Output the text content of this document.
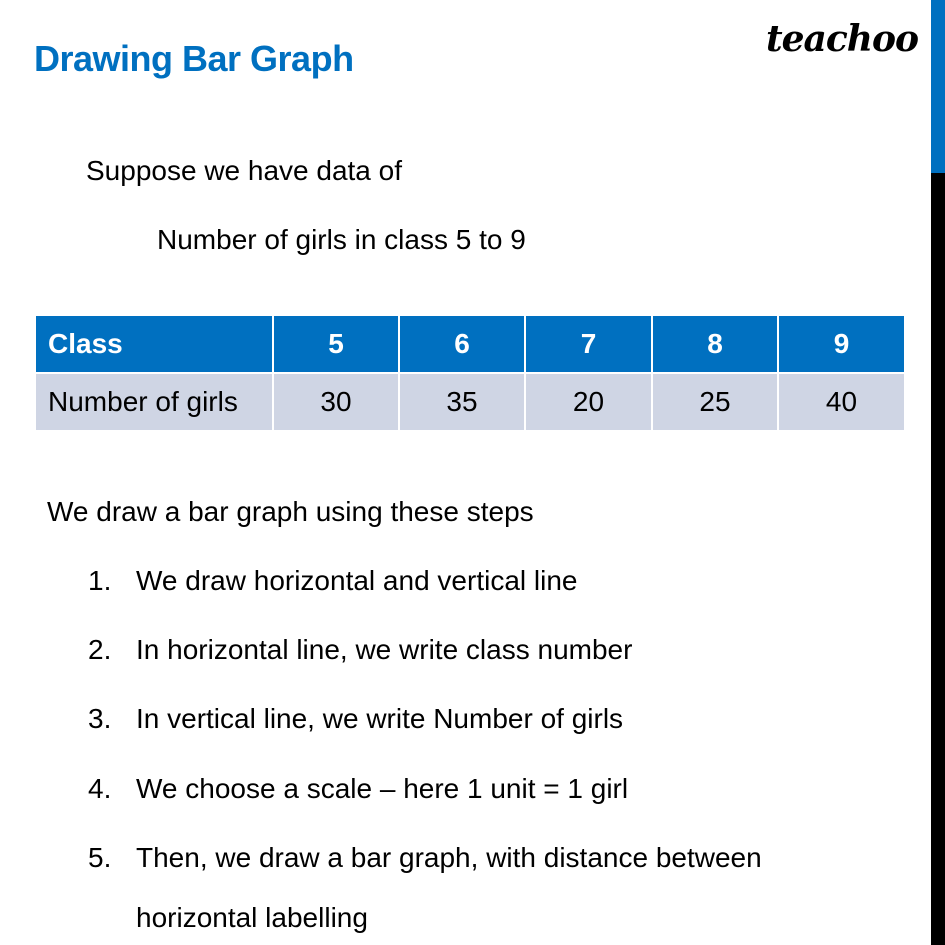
Drawing Bar Graph	teachoo
Suppose we have data of
Number of girls in class 5 to 9
Class	5	6	7	8	9
Number of girls	30	35	20	25	40
We draw a bar graph using these steps
1. We draw horizontal and vertical line
2. In horizontal line, we write class number
3. In vertical line, we write Number of girls
4. We choose a scale – here 1 unit = 1 girl
5. Then, we draw a bar graph, with distance between
horizontal labelling
